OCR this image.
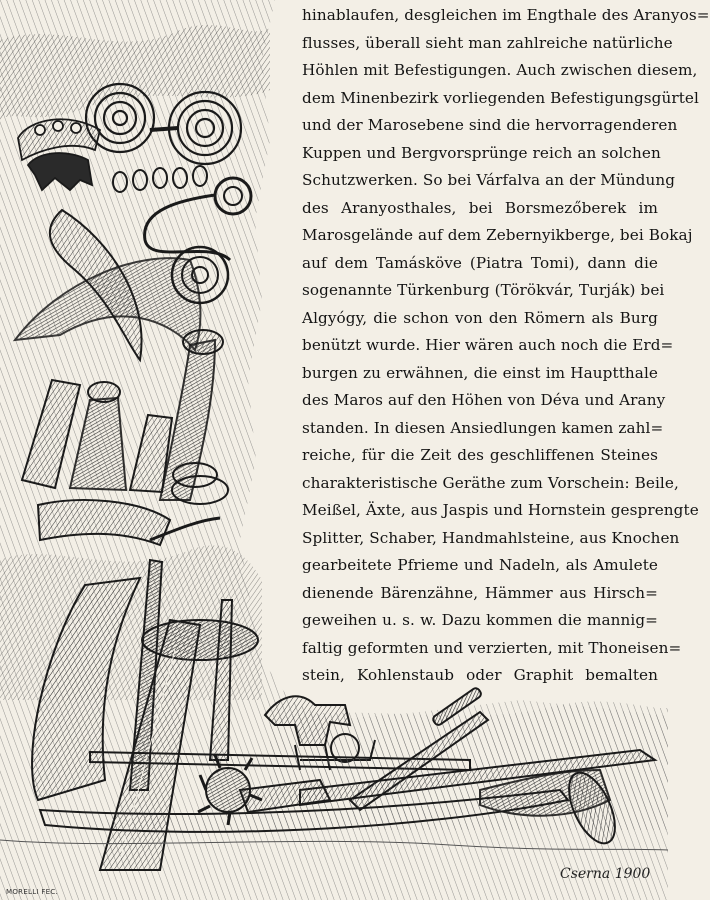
hinablaufen, desgleichen im Engthale des Aranyos=
flusses, überall sieht man zahlreiche natürliche
Höhlen mit Befestigungen. Auch zwischen diesem,
dem Minenbezirk vorliegenden Befestigungsgürtel
und der Marosebene sind die hervorragenderen
Kuppen und Bergvorsprünge reich an solchen
Schutzwerken. So bei Várfalva an der Mündung
des Aranyosthales, bei Borsmezőberek im
Marosgelände auf dem Zebernyikberge, bei Bokaj
auf dem Tamásköve (Piatra Tomi), dann die
sogenannte Türkenburg (Törökvár, Turják) bei
Algyógy, die schon von den Römern als Burg
benützt wurde. Hier wären auch noch die Erd=
burgen zu erwähnen, die einst im Hauptthale
des Maros auf den Höhen von Déva und Arany
standen. In diesen Ansiedlungen kamen zahl=
reiche, für die Zeit des geschliffenen Steines
charakteristische Geräthe zum Vorschein: Beile,
Meißel, Äxte, aus Jaspis und Hornstein gesprengte
Splitter, Schaber, Handmahlsteine, aus Knochen
gearbeitete Pfrieme und Nadeln, als Amulete
dienende Bärenzähne, Hämmer aus Hirsch=
geweihen u. s. w. Dazu kommen die mannig=
faltig geformten und verzierten, mit Thoneisen=
stein, Kohlenstaub oder Graphit bemalten
Cserna 1900
MORELLI FEC.
